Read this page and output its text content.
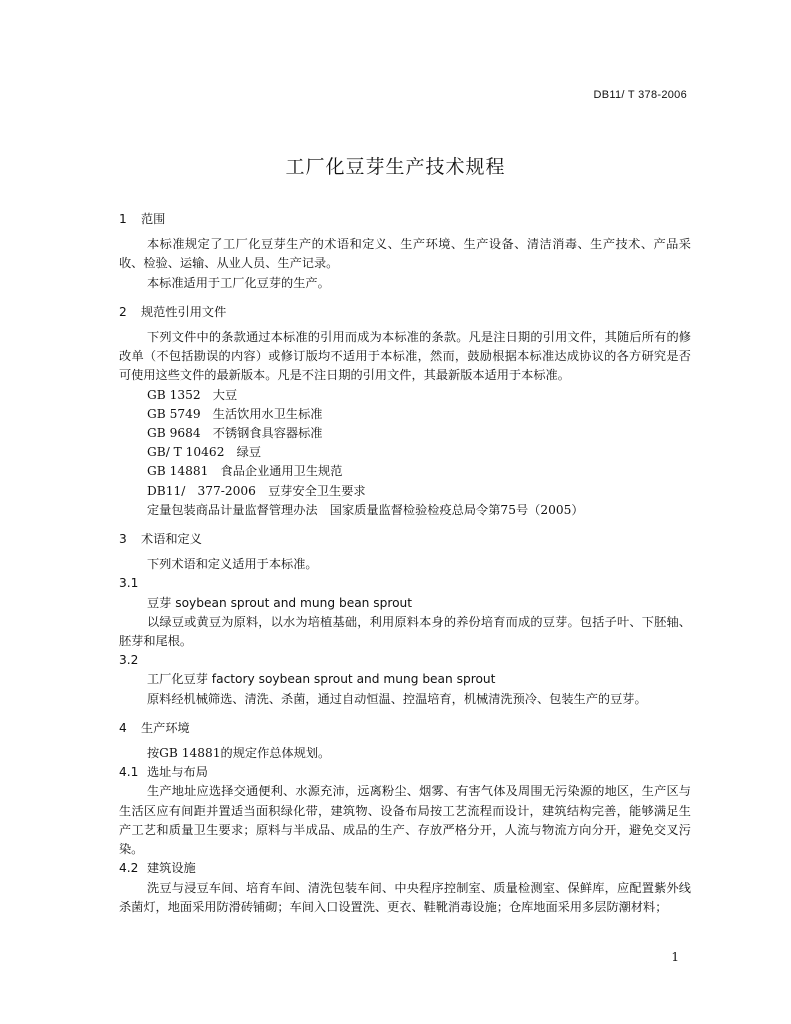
DB11/ T 378-2006
工厂化豆芽生产技术规程

1 范围

本标准规定了工厂化豆芽生产的术语和定义、生产环境、生产设备、清洁消毒、生产技术、产品采收、检验、运输、从业人员、生产记录。

本标准适用于工厂化豆芽的生产。

2 规范性引用文件

下列文件中的条款通过本标准的引用而成为本标准的条款。凡是注日期的引用文件，其随后所有的修改单（不包括勘误的内容）或修订版均不适用于本标准，然而，鼓励根据本标准达成协议的各方研究是否可使用这些文件的最新版本。凡是不注日期的引用文件，其最新版本适用于本标准。

GB 1352　大豆

GB 5749　生活饮用水卫生标准

GB 9684　不锈钢食具容器标准

GB/ T 10462　绿豆

GB 14881　食品企业通用卫生规范

DB11/　377-2006　豆芽安全卫生要求

定量包装商品计量监督管理办法　国家质量监督检验检疫总局令第75号（2005）

3 术语和定义

下列术语和定义适用于本标准。

3.1

豆芽 soybean sprout and mung bean sprout

以绿豆或黄豆为原料，以水为培植基础，利用原料本身的养份培育而成的豆芽。包括子叶、下胚轴、胚芽和尾根。

3.2

工厂化豆芽 factory soybean sprout and mung bean sprout

原料经机械筛选、清洗、杀菌，通过自动恒温、控温培育，机械清洗预冷、包装生产的豆芽。

4 生产环境

按GB 14881的规定作总体规划。

4.1 选址与布局

生产地址应选择交通便利、水源充沛，远离粉尘、烟雾、有害气体及周围无污染源的地区，生产区与生活区应有间距并置适当面积绿化带，建筑物、设备布局按工艺流程而设计，建筑结构完善，能够满足生产工艺和质量卫生要求；原料与半成品、成品的生产、存放严格分开，人流与物流方向分开，避免交叉污染。

4.2 建筑设施

洗豆与浸豆车间、培育车间、清洗包装车间、中央程序控制室、质量检测室、保鲜库，应配置紫外线杀菌灯，地面采用防滑砖铺砌；车间入口设置洗、更衣、鞋靴消毒设施；仓库地面采用多层防潮材料；

1
